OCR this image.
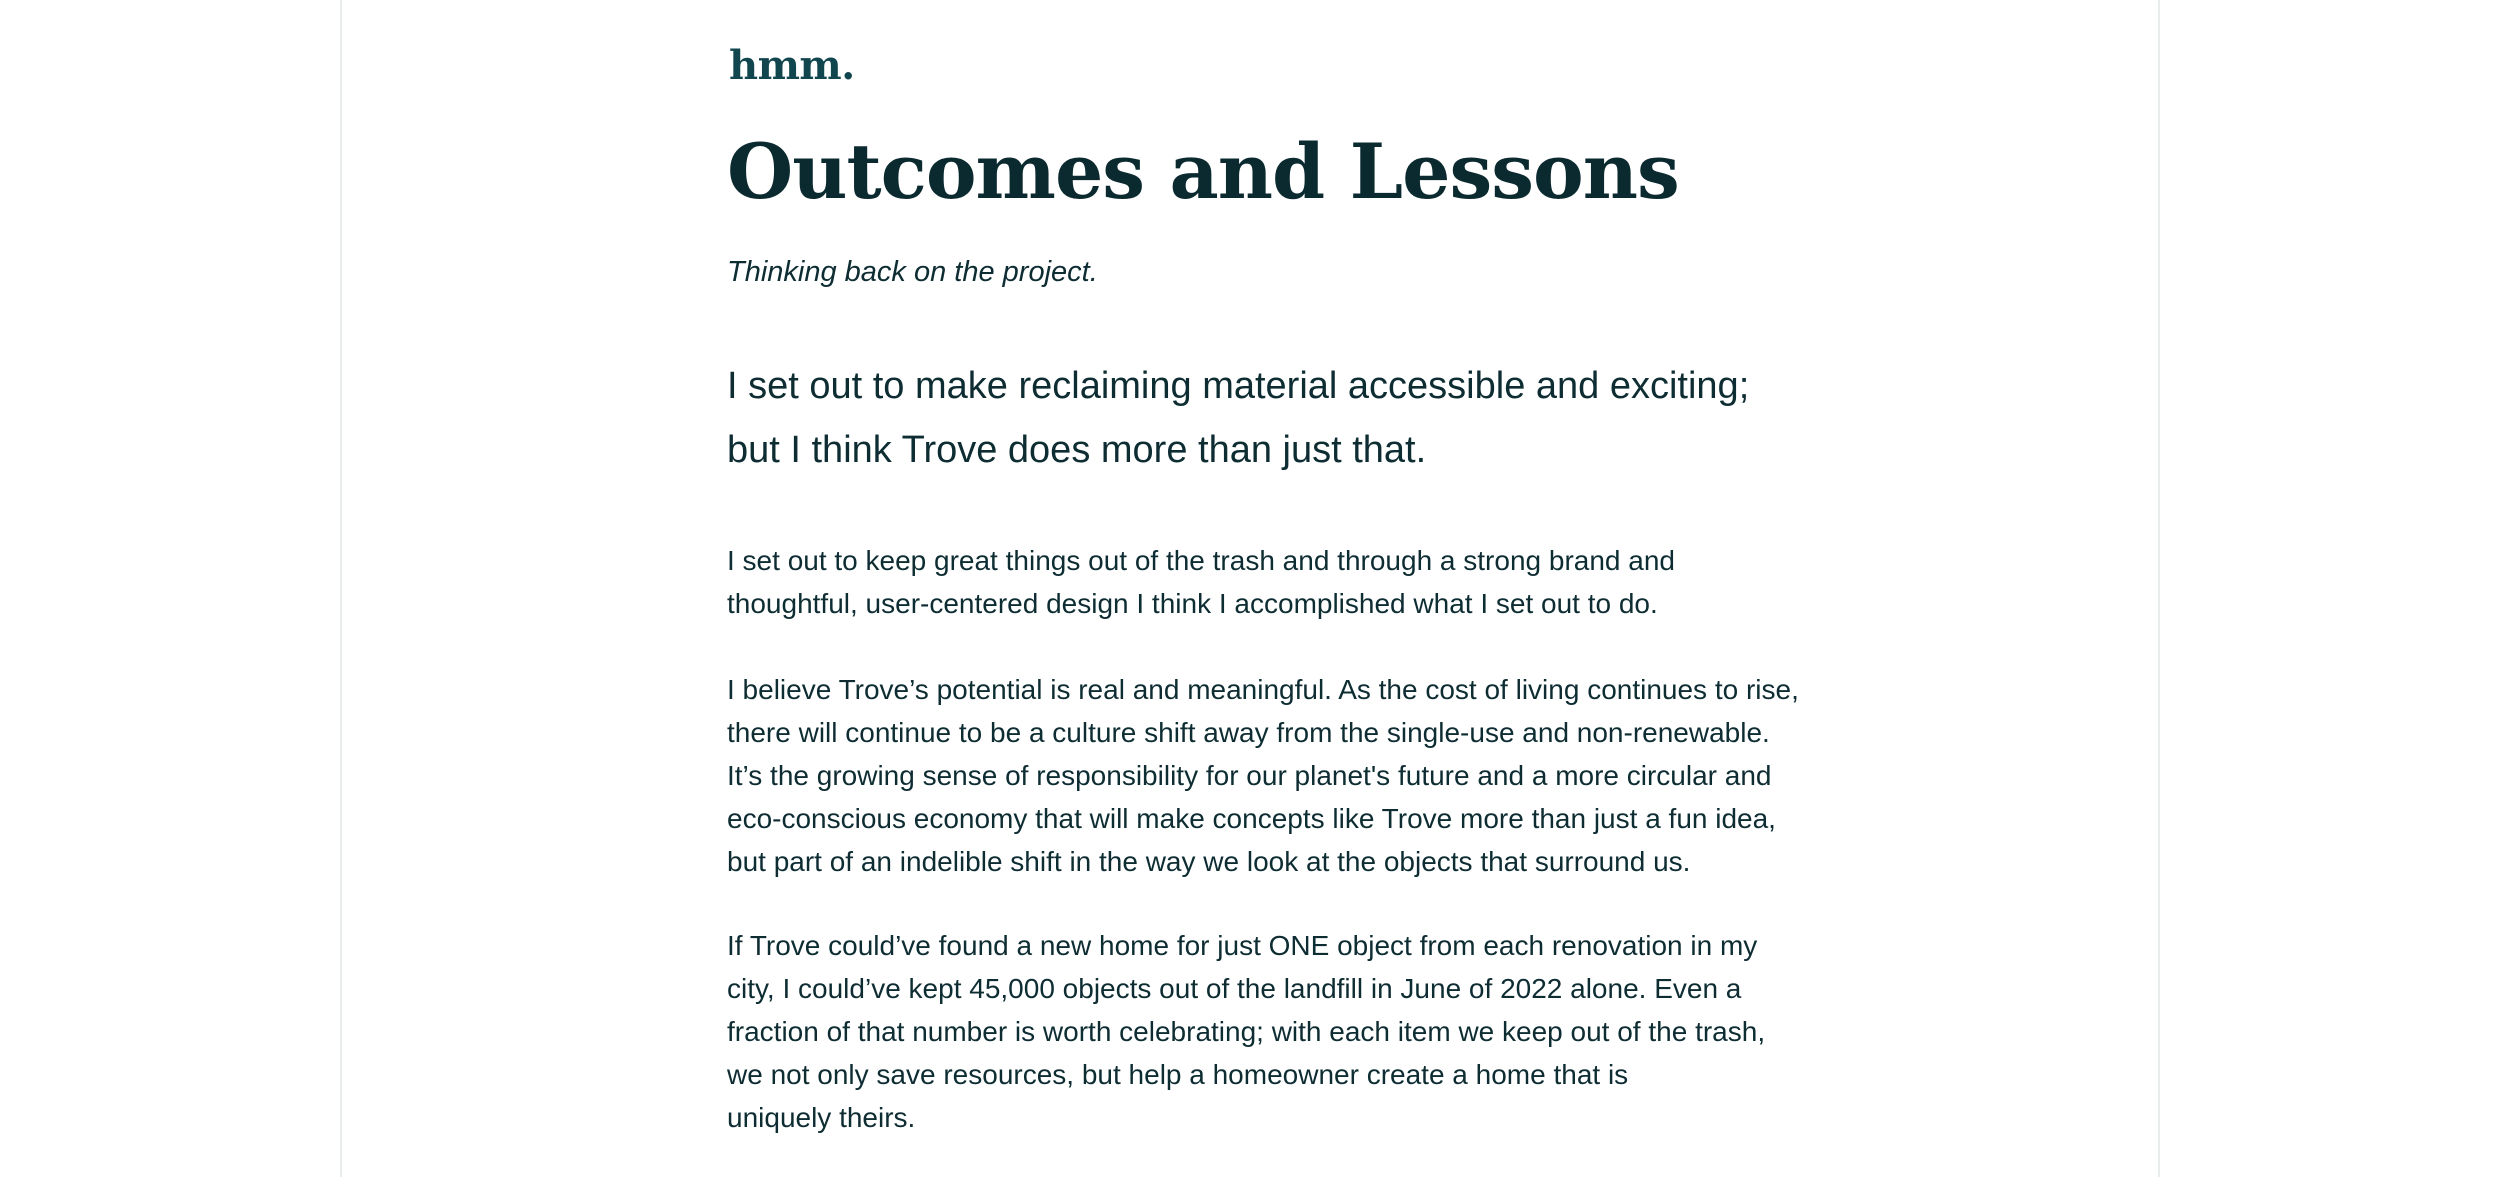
hmm.
Outcomes and Lessons
Thinking back on the project.

I set out to make reclaiming material accessible and exciting;
but I think Trove does more than just that.

I set out to keep great things out of the trash and through a strong brand and
thoughtful, user-centered design I think I accomplished what I set out to do.

I believe Trove’s potential is real and meaningful. As the cost of living continues to rise,
there will continue to be a culture shift away from the single-use and non-renewable.
It’s the growing sense of responsibility for our planet's future and a more circular and
eco-conscious economy that will make concepts like Trove more than just a fun idea,
but part of an indelible shift in the way we look at the objects that surround us.

If Trove could’ve found a new home for just ONE object from each renovation in my
city, I could’ve kept 45,000 objects out of the landfill in June of 2022 alone. Even a
fraction of that number is worth celebrating; with each item we keep out of the trash,
we not only save resources, but help a homeowner create a home that is
uniquely theirs.
